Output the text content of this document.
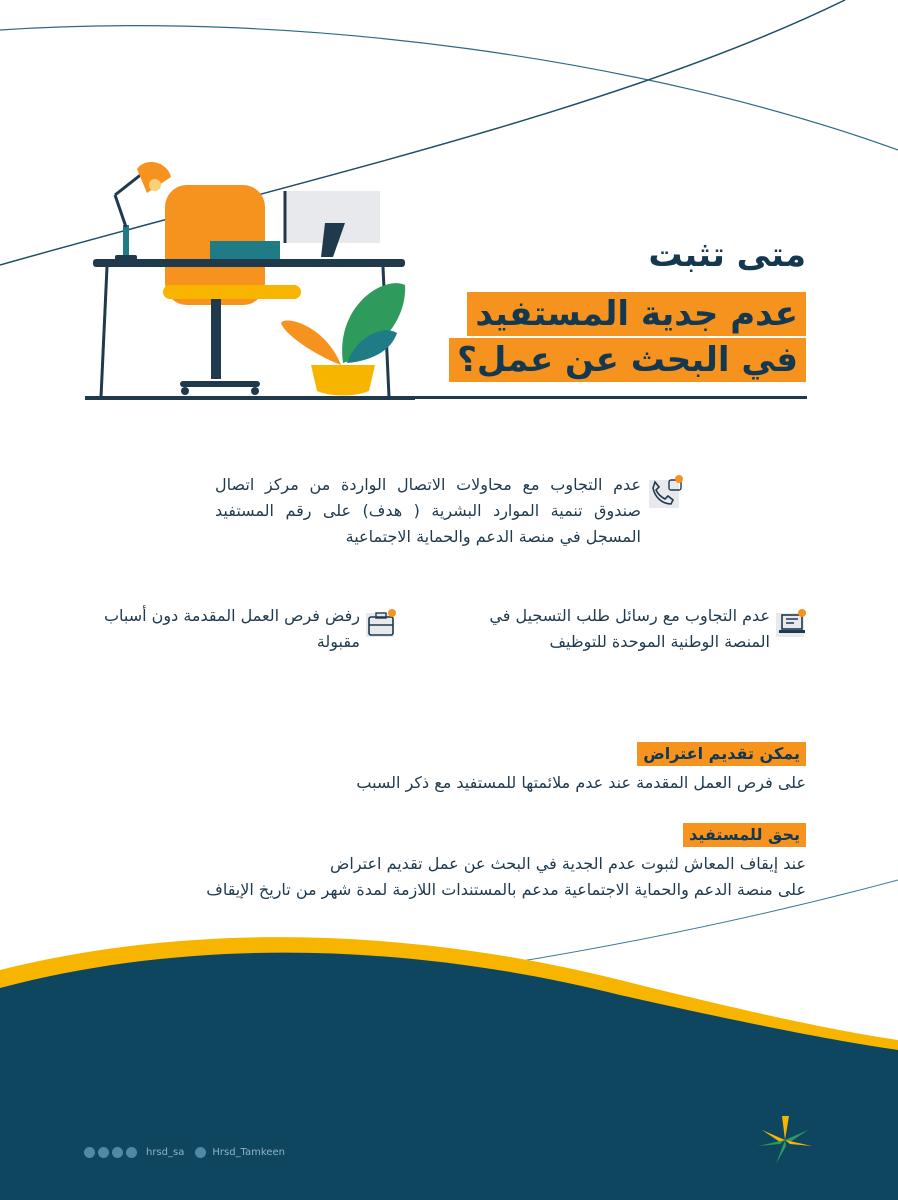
متى تثبت
عدم جدية المستفيد
في البحث عن عمل؟
عدم التجاوب مع محاولات الاتصال الواردة من مركز اتصال صندوق تنمية الموارد البشرية ( هدف) على رقم المستفيد المسجل في منصة الدعم والحماية الاجتماعية
عدم التجاوب مع رسائل طلب التسجيل في المنصة الوطنية الموحدة للتوظيف
رفض فرص العمل المقدمة دون أسباب مقبولة
يمكن تقديم اعتراض
على فرص العمل المقدمة عند عدم ملائمتها للمستفيد مع ذكر السبب
يحق للمستفيد
عند إيقاف المعاش لثبوت عدم الجدية في البحث عن عمل تقديم اعتراض
على منصة الدعم والحماية الاجتماعية مدعم بالمستندات اللازمة لمدة شهر من تاريخ الإيقاف
hrsd_sa	Hrsd_Tamkeen
